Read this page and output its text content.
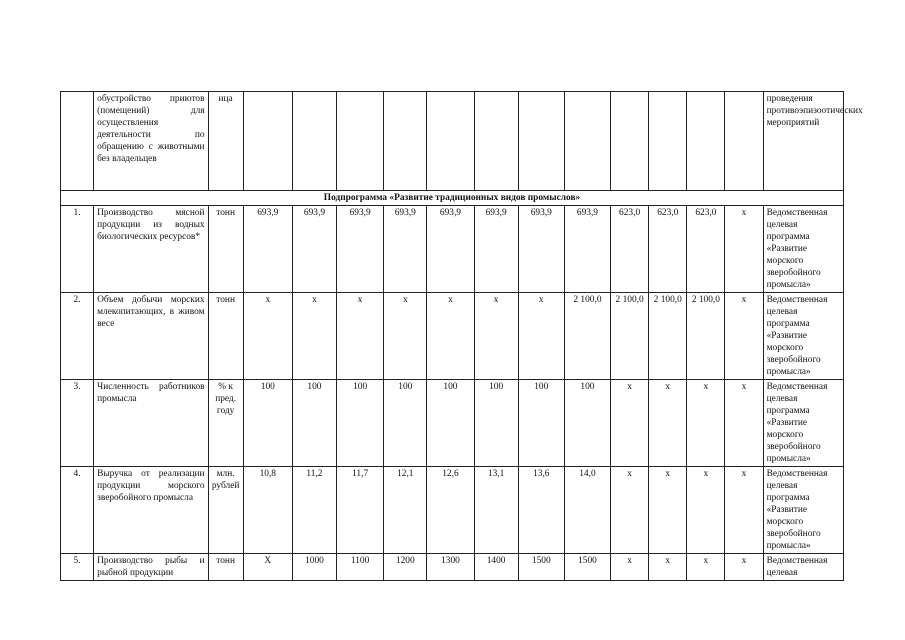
	обустройство приютов (помещений) для осуществления деятельности по обращению с животными без владельцев	ица													проведения противоэпизоотических мероприятий
Подпрограмма «Развитие традиционных видов промыслов»															
1.	Производство мясной продукции из водных биологических ресурсов*	тонн	693,9	693,9	693,9	693,9	693,9	693,9	693,9	693,9	623,0	623,0	623,0	х	Ведомственная целевая программа «Развитие морского зверобойного промысла»
2.	Объем добычи морских млекопитающих, в живом весе	тонн	х	х	х	х	х	х	х	2 100,0	2 100,0	2 100,0	2 100,0	х	Ведомственная целевая программа «Развитие морского зверобойного промысла»
3.	Численность работников промысла	% к пред. году	100	100	100	100	100	100	100	100	х	х	х	х	Ведомственная целевая программа «Развитие морского зверобойного промысла»
4.	Выручка от реализации продукции морского зверобойного промысла	млн. рублей	10,8	11,2	11,7	12,1	12,6	13,1	13,6	14,0	х	х	х	х	Ведомственная целевая программа «Развитие морского зверобойного промысла»
5.	Производство рыбы и рыбной продукции	тонн	Х	1000	1100	1200	1300	1400	1500	1500	х	х	х	х	Ведомственная целевая
